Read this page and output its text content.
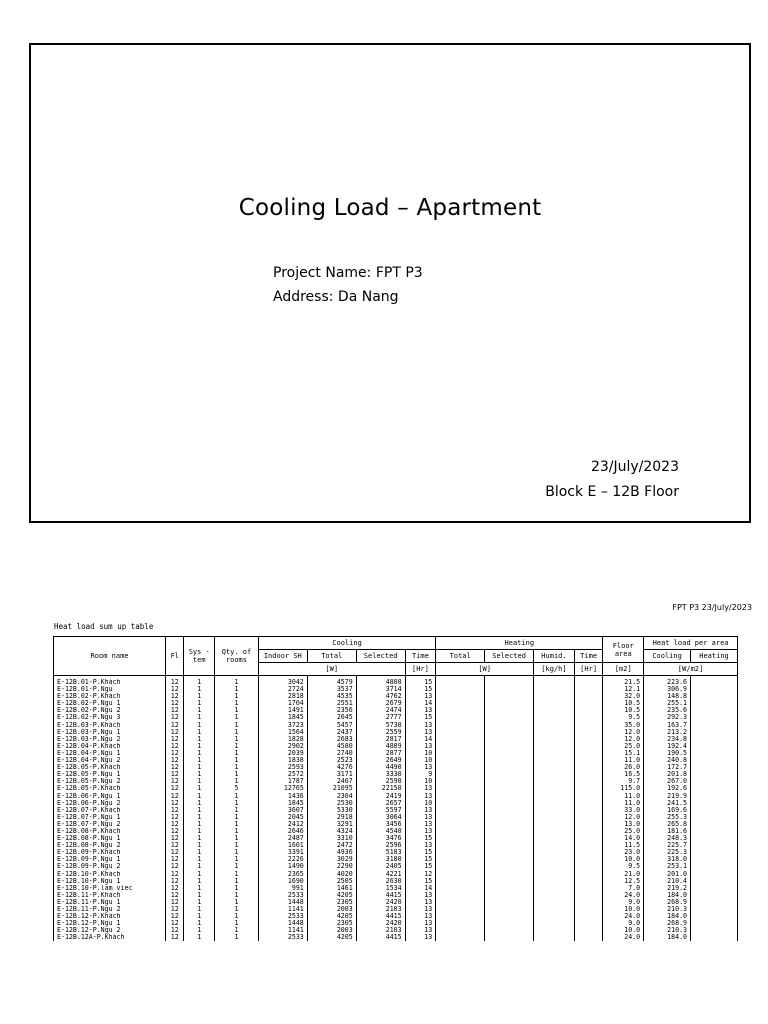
Cooling Load – Apartment
Project Name: FPT P3
Address: Da Nang
23/July/2023
Block E – 12B Floor
FPT P3 23/July/2023
Heat load sum up table
Room name	Fl	Sys -tem	Qty. of rooms	Cooling				Heating				Floor area	Heat load per area	
				Indoor SH	Total	Selected	Time	Total	Selected	Humid.	Time		Cooling	Heating
				[W]			[Hr]	[W]		[kg/h]	[Hr]	[m2]	[W/m2]	

E-12B.01-P.Khách	12	1	1	3042	4579	4808	15					21.5	223.6	
E-12B.01-P.Ngu	12	1	1	2724	3537	3714	15					12.1	306.9	
E-12B.02-P.Khách	12	1	1	2818	4535	4762	13					32.0	148.8	
E-12B.02-P.Ngu 1	12	1	1	1704	2551	2679	14					10.5	255.1	
E-12B.02-P.Ngu 2	12	1	1	1491	2356	2474	13					10.5	235.6	
E-12B.02-P.Ngu 3	12	1	1	1845	2645	2777	15					9.5	292.3	
E-12B.03-P.Khách	12	1	1	3723	5457	5730	13					35.0	163.7	
E-12B.03-P.Ngu 1	12	1	1	1564	2437	2559	13					12.0	213.2	
E-12B.03-P.Ngu 2	12	1	1	1828	2683	2817	14					12.0	234.8	
E-12B.04-P.Khách	12	1	1	2902	4580	4809	13					25.0	192.4	
E-12B.04-P.Ngu 1	12	1	1	2039	2740	2877	10					15.1	190.5	
E-12B.04-P.Ngu 2	12	1	1	1838	2523	2649	10					11.0	240.8	
E-12B.05-P.Khách	12	1	1	2593	4276	4490	13					26.0	172.7	
E-12B.05-P.Ngu 1	12	1	1	2572	3171	3330	9					16.5	201.8	
E-12B.05-P.Ngu 2	12	1	1	1787	2467	2590	10					9.7	267.0	
E-12B.05-P.Khách	12	1	5	12765	21095	22150	13					115.0	192.6	
E-12B.06-P.Ngu 1	12	1	1	1436	2304	2419	13					11.0	219.9	
E-12B.06-P.Ngu 2	12	1	1	1845	2530	2657	10					11.0	241.5	
E-12B.07-P.Khách	12	1	1	3607	5330	5597	13					33.0	169.6	
E-12B.07-P.Ngu 1	12	1	1	2045	2918	3064	13					12.0	255.3	
E-12B.07-P.Ngu 2	12	1	1	2412	3291	3456	13					13.0	265.8	
E-12B.08-P.Khách	12	1	1	2646	4324	4540	13					25.0	181.6	
E-12B.08-P.Ngu 1	12	1	1	2487	3310	3476	15					14.0	248.3	
E-12B.08-P.Ngu 2	12	1	1	1601	2472	2596	13					11.5	225.7	
E-12B.09-P.Khách	12	1	1	3391	4936	5183	15					23.0	225.3	
E-12B.09-P.Ngu 1	12	1	1	2226	3029	3180	15					10.0	318.0	
E-12B.09-P.Ngu 2	12	1	1	1490	2290	2405	15					9.5	253.1	
E-12B.10-P.Khách	12	1	1	2365	4020	4221	12					21.0	201.0	
E-12B.10-P.Ngu 1	12	1	1	1690	2505	2630	15					12.5	210.4	
E-12B.10-P.lam viec	12	1	1	991	1461	1534	14					7.0	219.2	
E-12B.11-P.Khách	12	1	1	2533	4205	4415	13					24.0	184.0	
E-12B.11-P.Ngu 1	12	1	1	1448	2305	2420	13					9.0	268.9	
E-12B.11-P.Ngu 2	12	1	1	1141	2003	2103	13					10.0	210.3	
E-12B.12-P.Khách	12	1	1	2533	4205	4415	13					24.0	184.0	
E-12B.12-P.Ngu 1	12	1	1	1448	2305	2420	13					9.0	268.9	
E-12B.12-P.Ngu 2	12	1	1	1141	2003	2103	13					10.0	210.3	
E-12B.12A-P.Khách	12	1	1	2533	4205	4415	13					24.0	184.0	
